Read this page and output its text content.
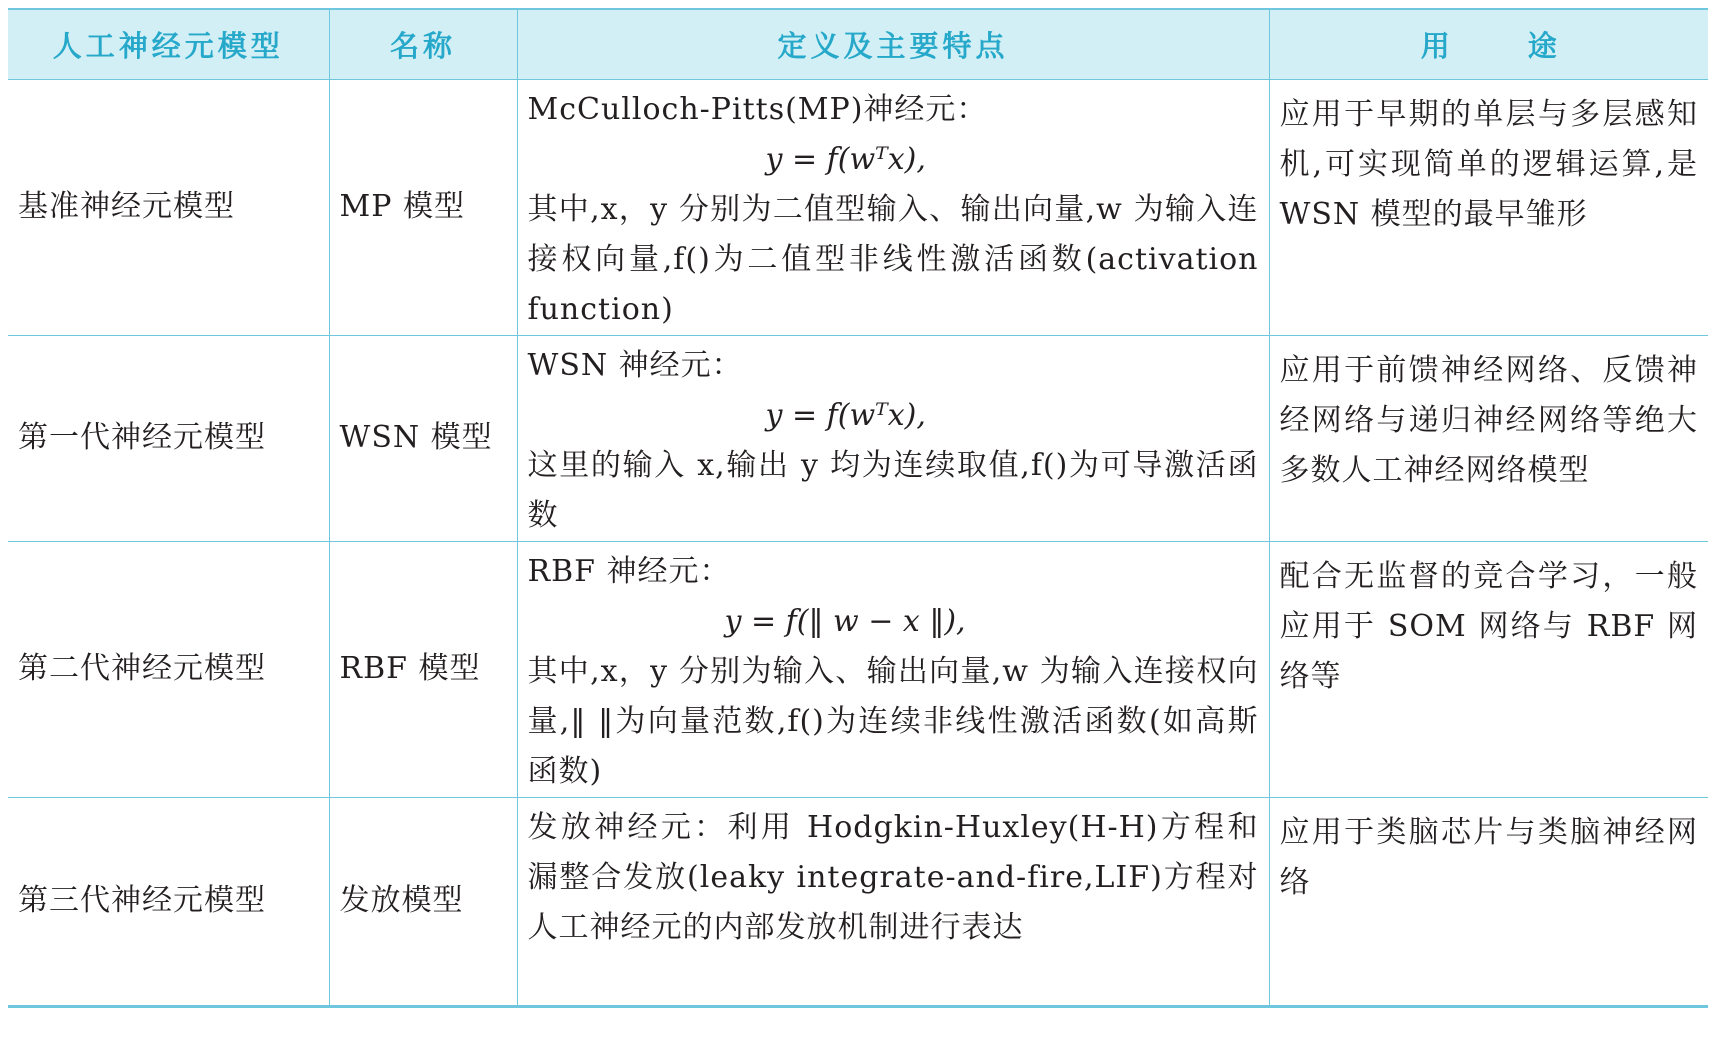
人工神经元模型	名称	定义及主要特点	用 途
基准神经元模型	MP 模型	McCulloch-Pitts(MP)神经元：
y = f(wᵀx),
其中,x，y 分别为二值型输入、输出向量,w 为输入连接权向量,f()为二值型非线性激活函数(activation function)	应用于早期的单层与多层感知机,可实现简单的逻辑运算,是 WSN 模型的最早雏形
第一代神经元模型	WSN 模型	WSN 神经元：
y = f(wᵀx),
这里的输入 x,输出 y 均为连续取值,f()为可导激活函数	应用于前馈神经网络、反馈神经网络与递归神经网络等绝大多数人工神经网络模型
第二代神经元模型	RBF 模型	RBF 神经元：
y = f(‖ w − x ‖),
其中,x，y 分别为输入、输出向量,w 为输入连接权向量,‖ ‖为向量范数,f()为连续非线性激活函数(如高斯函数)	配合无监督的竞合学习，一般应用于 SOM 网络与 RBF 网络等
第三代神经元模型	发放模型	发放神经元：利用 Hodgkin-Huxley(H-H)方程和漏整合发放(leaky integrate-and-fire,LIF)方程对人工神经元的内部发放机制进行表达	应用于类脑芯片与类脑神经网络
